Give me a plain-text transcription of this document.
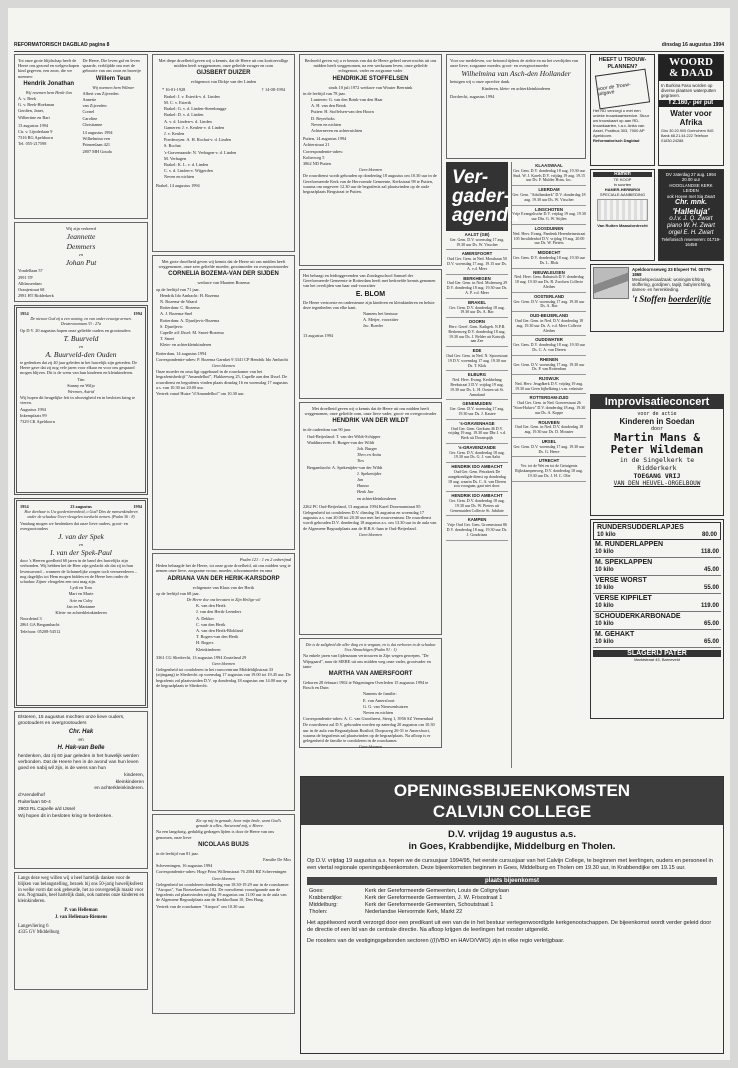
REFORMATORISCH DAGBLAD pagina 8	dinsdag 16 augustus 1994

Tot onze grote blijdschap heeft de Heere ons gezond en welgeschapen kind gegeven, een zoon, die we noemen:

Hendrik Jonathan

Wij noemen hem Henk-Jan

A. v. Beek

G. v. Beek-Hoekman

Gerdien, Janet,

Wilbertine en Bart

13 augustus 1994

Cir. v. Lijnderlaan 9

7316 BG Apeldoorn

Tel. 055-217598

De Heere, Die leven gaf en leven spaarde, verblijdde ons met de geboorte van ons zoon en broertje

Willem Teun

Wij noemen hem Wilmer

Albert van Zijverden

Annette

van Zijverden

Cornel

Caroline

Christianne

14 augustus 1994

Wilhelmina ven

Prinsenlaan 421

2807 MH Gouda

Wij zijn verkeerd

Jeannette
Demmers

en

Johan Put

Vondellaan 57

2991 TP

Alblasserdam

Oranjestraat 68

2981 HT Ridderkerk

1954	1994

De nieuwe God zij u een woning, en van onder eeuwige armen. Deuteronomium 33 : 27a

Op D.V. 20 augustus hopen onze geliefde ouders en grootouders

T. Buurveld

en

A. Buurveld-den Ouden

te gedenken dat zij 40 jaar geleden in het huwelijk zijn getreden. De Heere gave dat zij nog vele jaren voor elkaar en voor ons gespaard mogen blijven. Dit is de wens van hun kinderen en kleinkinderen.

Tim

Stanny en Wiljo

Wermen, Astrid

Wij hopen dit heugelijke feit in afwezigheid en in besloten kring te vieren.

Augustus 1994

Inkempfaats 99

7329 CK Apeldoorn

1954	23 augustus	1994

Hoe dierbaar is Uw goedertierenheid, o God! Dies de mensenkinderen onder de schaduw Uwer vleugelen toevlucht nemen. (Psalm 36 : 8)

Vandaag mogen we herdenken dat onze lieve ouders, groot- en overgrootouders

J. van der Spek

en

I. van der Spek-Paul

door 's Heeren goedheid 60 jaren in de band des huwelijks zijn verbonden. Wij hebben het de Heer zijn geslacht als dat zij in hun levensavond – wanneer de lichamelijke zorgen toch vermeerderen – nog dagelijks tot Hem mogen bidden en de Heere hen onder de schaduw Zijner vleugelen een rust mag zijn.

Lydi en Tom

Mart en Marie

Arie en Coby

Jan en Marianne

Klein- en achterkleinkinderen

Noordeind 3

2861 GA Bergambacht

Telefoon: 05208-54512

Elsteren, 15 augustus mochten onze lieve ouders, grootouders en overgrootouders

Chr. Hak

en

H. Hak-van Belle

herdenken, dat zij 60 jaar geleden in het huwelijk werden verbonden. Dat de Heere hen in de avond van hun leven goed en nabij wil zijn, is de wens van hun

kinderen,

kleinkinderen

en achterkleinkinderen.

d'Arendelhof

Ruiterlaan 50-4

2903 RL Capelle a/d IJssel

Wij hopen dit in besloten kring te herdenken.

Langs deze weg willen wij u heel hartelijk danken voor de blijken van belangstelling, bezoek bij ons 50-jarig huwelijksfeest in welke vorm dat ook gebeurde, het zo onvergetelijk maakt voor ons. Nogmaals, heel hartelijk dank, ook namens onze kinderen en kleinkinderen.

P. van Helleman

J. van Helleman-Riemens

Langevliering 6

4335 GV Middelburg

Met diepe droefheid geven wij u kennis, dat de Heere uit ons korttoevallige midden heeft weggenomen, onze geliefde zwager en oom

GIJSBERT DUIZER

echtgenoot van Dirkje van der Linden

* 16-01-1928	† 14-08-1994

Brakel: J. v. Esterik-v. d. Linden

M. C. v. Esterik

Brakel: G. v. d. Linden-Steenbrugge

Brakel: D. v. d. Linden

A. v. d. Linden-v. d. Linden

Gameren: J. v. Keulen-v. d. Linden

J. v. Keulen

Poederoyen: A. H. Rochat-v. d. Linden

S. Rochat

's-Gravenzande: N. Verhagen-v. d. Linden

M. Verhagen

Brakel: K. L. v. d. Linden

C. v. d. Linden-v. Wijgerden

Neven en nichten

Brakel, 14 augustus 1994

Met grote droefheid geven wij kennis dat de Heere uit ons midden heeft weggenomen, onze zeer geliefde moeder, grootmoeder en overgrootmoeder

CORNELIA BOZEMA-VAN DER SIJDEN

weduwe van Maarten Bozema

op de leeftijd van 71 jaar.

Hendrik Ido Ambacht: H. Bozema

N. Bozema-de Waard

Rotterdam: C. Bozema

A. J. Bozema-Snel

Rotterdam: A. Djurdjevic-Bozema

S. Djurdjevic

Capelle a/d IJssel: M. Snoei-Bozema

T. Snoei

Klein- en achterkleinkinderen

Rotterdam, 14 augustus 1994

Correspondentie-adres: P. Bozema Garnket 9 3341 CP Hendrik Ido Ambacht

Geen bloemen

Onze moeder en oma ligt opgebaard in de rouwkamer van het begrafenisbedrijf "Amandelhof", Flakkeeweg 25, Capelle aan den IJssel. De rouwdienst en begrafenis vinden plaats dinsdag 16 en woensdag 17 augustus a.s. van 10.30 tot 20.00 uur.

Vertrek vanaf Huize "d'Amandelhof" om 10.30 uur.

Psalm 121 : 1 en 2 onberijmd

Heden behaagde het de Heere, tot onze grote droefheid, uit ons midden weg te nemen onze lieve, zorgzame vrouw, moeder, schoonmoeder en oma

ADRIANA VAN DER HERIK-KARSDORP

echtgenote van Klaas van der Herik

op de leeftijd van 68 jaar.

De Heere doe ons berusten in Zijn Heilige wil

K. van den Herik

J. van den Herik-Leenders

A. Dekker

C. van den Herik

A. van den Herik-Blokland

T. Bogers-van den Herik

H. Bogers

Kleinkinderen

3361 CG Sliedrecht, 13 augustus 1994 Zouteland 29

Geen bloemen

Gelegenheid tot condoleren in het rouwcentrum Middeldijkstraat 33 (zijingang) te Sliedrecht op woensdag 17 augustus van 19.00 tot 19.45 uur. De begrafenis zal plaatsvinden D.V. op donderdag 18 augustus om 14.00 uur op de begraafplaats te Sliedrecht.

Zie op mij in genade, hoor mijn bede, want God's genade is alles. Antwoord mij, o Heere.

Na een langdurig, geduldig gedragen lijden is door de Heere van ons genomen, onze lieve

NICOLAAS BUIJS

in de leeftijd van 81 jaar.

Familie De Mos

Scheveningen, 16 augustus 1994

Correspondentie-adres: Hoge Prins Willemstraat 76 2584 HZ Scheveningen

Geen bloemen

Gelegenheid tot condoleren donderdag van 18.30-19.29 uur in de rouwkamer "Atropos", Van Boetzelaerlaan 182. De rouwdienst voorafgaande aan de begrafenis zal plaatsvinden vrijdag 19 augustus om 11.00 uur in de aula van de Algemene Begraafplaats aan de Kerkhoflaan 10, Den Haag.

Vertrek van de rouwkamer "Atropos" om 10.30 uur.

Bedroefd geven wij u er kennis van dat de Heere geheel onverwachts uit ons midden heeft weggenomen, na een werkzaam leven, onze geliefde echtgenoot, vader en zorgzame vader

HENDRIKJE STOFFELSEN

sinds 10 juli 1972 weduwe van Wouter Beernink

in de leeftijd van 78 jaar.

Lunteren: G. van den Brink-van den Haar

A. H. van den Brink

Putten: H. Stoffelsen-van den Hoorn

D. Reyerhoks

Neven en nichten

Achterneven en achternichten

Putten, 14 augustus 1994

Achterstraat 21

Correspondentie-adres:

Kolterweg 5

3862 ND Putten

Geen bloemen

De rouwdienst wordt gehouden op donderdag 18 augustus om 10.30 uur in de Gereformeerde Kerk van de Hervormde Gemeente, Kerkstraat 98 te Putten, waarna om ongeveer 12.30 uur de begrafenis zal plaatsvinden op de oude begraafplaats Bergstraat te Putten.

Het behaagt en leidinggevenden van Zondagsschool Samuel der Gereformeerde Gemeente te Rotterdam heeft met bedroefde kennis genomen van het overlijden van haar oud-voorzitter

E. BLOM

De Heere vertroeste en ondersteune zijn kinderen en kleinkinderen en beluie deze tegenheden van elke kant.

Namens het bestuur:

A. Meijer, voorzitter

Jac. Boeder

13 augustus 1994

Met droefheid geven wij u kennis dat de Heere uit ons midden heeft weggenomen, onze geliefde oom, onze lieve vader, groot- en overgrootvader

HENDRIK VAN DER WILDT

in de ouderdom van 90 jaar.

Oud-Beijerland: T. van der Wildt-Schipper

Waddinxveen: E. Burger-van der Wildt

Joh. Burger

Theo en Anita

Ties

Bergambacht: A. Spekenijder-van der Wildt

J. Spekenijder

Jan

Hanna

Henk Jan

en achterkleinkinderen

2262 PC Oud-Beijerland, 13 augustus 1994 Karel Doormanstraat 85

Gelegenheid tot condoleren D.V. dinsdag 16 augustus en woensdag 17 augustus a.s. van 20.00 tot 20.30 uur met het rouwcentrum. De rouwdienst wordt gehouden D.V. donderdag 18 augustus a.s. om 13.30 uur in de aula van de Algemene Begraafplaats aan de H.B.S.-laan te Oud-Beijerland.

Geen bloemen

Die is de zaligheid die aller ding en is vergaan, en is dat verhoven in de schaduw Uws Almachtigen (Psalm 91 : 1)

Na enkele jaren van lijdenzaam vertrouwen in Zijn wegen geroepen, "De Wijngaard", naar de SIERE uit ons midden weg onze vader, grootvader en tante

MARTHA VAN AMERSFOORT

Geboren 28 februari 1902 te Wageningen Overleden 15 augustus 1994 te Bosch en Duin

Namens de familie:

E. van Amersfoort

G. G. van Nieuwenhuizen

Neven en nichten

Correspondentie-adres: A. C. van Grootheest, Steeg 1, 3956 SZ Veenendaal

De rouwdienst zal D.V. gehouden worden op zaterdag 20 augustus om 10.30 uur in de aula van Begraafplaats Rusthof, Dorpsweg 26-31 te Amersfoort, waarna de begrafenis zal plaatsvinden op de begraafplaats. Na afloop is er gelegenheid de familie te condoleren in de rouwkamer.

Geen bloemen

Voor uw medeleven, uw betoond tijdens de ziekte en na het overlijden van onze lieve, zorgzame moeder, groot- en overgrootmoeder

Wilhelmina van Asch-den Hollander

betuigen wij u onze oprechte dank.

Kinderen, klein- en achterkleinkinderen

Dordrecht, augustus 1994

Ver-
gader-
agenda
AALST (GB)
Ger. Gem. D.V. woensdag 17 aug. 19.30 uur Ds. W. Visscher
AMERSFOORT
Oud Ger. Gem. in Ned. Mossbaan 50 D.V. woensdag 17 aug. 19.15 uur Ds. A. v.d. Meer
BERKHEGEN
Oud Ger. Gem. in Ned. Molenweg 29 D.V. donderdag 18 aug. 19.30 uur Ds. A. P. v.d. Meer
BRAKEL
Ger. Gem. D.V. donderdag 18 aug. 19.30 uur Ds. A. Bac
DOORN
Herv. Geref. Gem. Kathgeb. N.P.R. Berkenweg D.V. donderdag 18 aug. 19.30 uur Ds. J. Belder uit Katwijk aan Zee
EDE
Oud Ger. Gem. in Ned. N. Spoorstraat 19 D.V. woensdag 17 aug. 19.30 uur Ds. T. Klok
ELBURG
Ned. Herv. Evang. Kerkbelang Beekstraat 3 D.V. vrijdag 19 aug. 19.30 uur Ds. L. H. Oosten uit St. Annaland
GENEMUIDEN
Ger. Gem. D.V. woensdag 17 aug. 19.30 uur Ds. J. Kastee
's-GRAVENHAGE
Oud Ger. Gem. Gorkum 46 D.V. vrijdag 19 aug. 19.30 uur Dhr J. v.d. Berk uit Doornspijk
's-GRAVENZANDE
Ger. Gem. D.V. donderdag 18 aug. 19.30 uur Ds. G. J. van Aalst
HENDRIK IDO AMBACHT
Oud Ger. Gem. Petrakerk De aangekondigde dienst op donderdag 18 aug. waarin Ds. C. A. van Dieren zou voorgaan, gaat niet door.
HENDRIK IDO AMBACHT
Ger. Gem. D.V. donderdag 18 aug. 19.30 uur Ds. W. Pieters uit Genemuiden Collecte St. Jubilate
KAMPEN
Vrije Oud Ger. Gem. Groenestraat 86 D.V. donderdag 18 aug. 19.30 uur Ds. J. Goudriaan
KLAASWAAL
Ger. Gem. D.V. donderdag 18 aug. 19.30 uur Stud. W. J. Karels D.V. vrijdag 19 aug. 19.15 uur Ds. F. Mulder Hons. loc.
LEERDAM
Ger. Gem. "Adullamkerk" D.V. donderdag 18 aug. 19.30 uur Ds. W. Visscher
LINSCHOTEN
Vrije Evangelische D.V. vrijdag 19 aug. 19.30 uur Dhr. G. W. Stijlen
LOOSDUINEN
Ned. Herv. Evang. Pandenk Herenheinestraat 105 Invalidenhof D.V. vrijdag 19 aug. 20.00 uur Ds. W. Pieters
MIDDECHT
Ger. Gem. D.V. donderdag 18 aug. 19.30 uur Ds. L. Blok
NIEUWLEUSEN
Ned. Herv. Gem. Bahuisch D.V. donderdag 18 aug. 19.30 uur Ds. B. Zwolsen Collecte Alethes
OOSTERLAND
Ger. Gem. D.V. woensdag 17 aug. 19.30 uur Ds. A. Bac
OUD-BEIJERLAND
Oud Ger. Gem. in Ned. D.V. donderdag 18 aug. 19.30 uur Ds. A. v.d. Meer Collecte Alethes
OUDDWATER
Ger. Gem. D.V. donderdag 18 aug. 19.30 uur Ds. C. A. van Dieren
RHENEN
Ger. Gem. D.V. woensdag 17 aug. 19.30 uur Ds. P. van Rotterdam
RIJSWIJK
Ned. Herv. Jeugdkerk D.V. vrijdag 19 aug. 19.30 uur Geen bijbelkring i.v.m. reünistie
ROTTERDAM-ZUID
Oud Ger. Gem. in Ned. Goereestraat 26 "Sion-Haluvo" D.V. donderdag 18 aug. 19.30 uur Ds. A. Koppe
ROUVEEN
Oud Ger. Gem. in Ned. D.V. donderdag 18 aug. 19.30 uur Ds. D. Mouster
URSEL
Ger. Gem. D.V. woensdag 17 aug. 19.30 uur Ds. G. Heere
UTRECHT
Ver. tot de Wet en tot de Getuigenis Rijkskampenweg, D.V. donderdag 18 aug. 19.30 uur Ds. J. H. C. Olie
HEEFT U TROUW-PLANNEN?
voor de Trouw-uitgave

Het RD verzorgt u met een unieke trouwkaartservice. Stuur uw trouwkaart op aan RD-trouwkaarten, t.a.v. Anita van Assel, Postbus 303, 7000 AP Apeldoorn.

Reformatorisch Dagblad

WOORD
& DAAD

In Burkina Faso worden op diverse plaatsen waterputten gegraven.

f 2.160,- per put
Water voor
Afrika

Giro 30.20.900 Gorinchem ING Bank 68.21.44.222 Telefoon 01830-24288

Ramen

TE KOOP

in soorten

HAMER-HERBIRGI

SPECIALE AANBIEDING

Van Ruiten Maasdordrecht

DV zaterdag 27 aug. 1994

20.00 uur

HOOGLANDSE KERK

LEIDEN

ook Hoeve met Sia Zwart

Chr. mnk.

'Halleluja'

o.l.v. J. Q. Zwart

piano W. H. Zwart

orgel E. H. Zwart

Telefonisch reserveren: 01719-16458

Apeldoornseweg 33 Elspeet Tel. 05779-1868

Meubelspeciaalzaak: woninginrichting, stoffering, gordijnen, tapijt, babyinrichting, dames- en herenkleding.

't Stoffen boerderijtje

Improvisatieconcert

voor de actie

Kinderen in Soedan

door

Martin Mans &

Peter Wildeman

in de Singelkerk te

Ridderkerk

TOEGANG VRIJ

VAN DEN HEUVEL-ORGELBOUW

RUNDERSUDDERLAPJES
10 kilo	80.00
M. RUNDERLAPPEN
10 kilo	118.00
M. SPEKLAPPEN
10 kilo	45.00
VERSE WORST
10 kilo	55.00
VERSE KIPFILET
10 kilo	119.00
SCHOUDERKARBONADE
10 kilo	65.00
M. GEHAKT
10 kilo	65.00
SLAGERIJ PATER

Marktstraat 43, Barneveld

OPENINGSBIJEENKOMSTEN
CALVIJN COLLEGE
D.V. vrijdag 19 augustus a.s.
in Goes, Krabbendijke, Middelburg en Tholen.

Op D.V. vrijdag 19 augustus a.s. hopen we de cursusjaar 1994/95, het eerste cursusjaar van het Calvijn College, te beginnen met leerlingen, ouders en personeel in een viertal regionale openingsbijeenkomsten. Deze bijeenkomsten beginnen in Goes, Middelburg en Tholen om 19.30 uur, in Krabbendijke om 19.15 uur.

plaats bijeenkomst
Goes:	Kerk der Gereformeerde Gemeenten, Louis de Colignylaan
Krabbendijke:	Kerk der Gereformeerde Gemeenten, J. W. Frisostraat 1
Middelburg:	Kerk der Gereformeerde Gemeenten, Schoutstraat 1
Tholen:	Nederlandse Hervormde Kerk, Markt 22

Het appèlwoord wordt verzorgd door een predikant uit een van de in het bestuur vertegenwoordigde kerkgenootschappen. De bijeenkomst wordt verder geleid door de directie of een lid van de centrale directie. Na afloop krijgen de leerlingen het rooster uitgereikt.

De roosters van de vestigingsgebonden sectoren ((I)VBO en HAVO/VWO) zijn in elke regio verkrijgbaar.
